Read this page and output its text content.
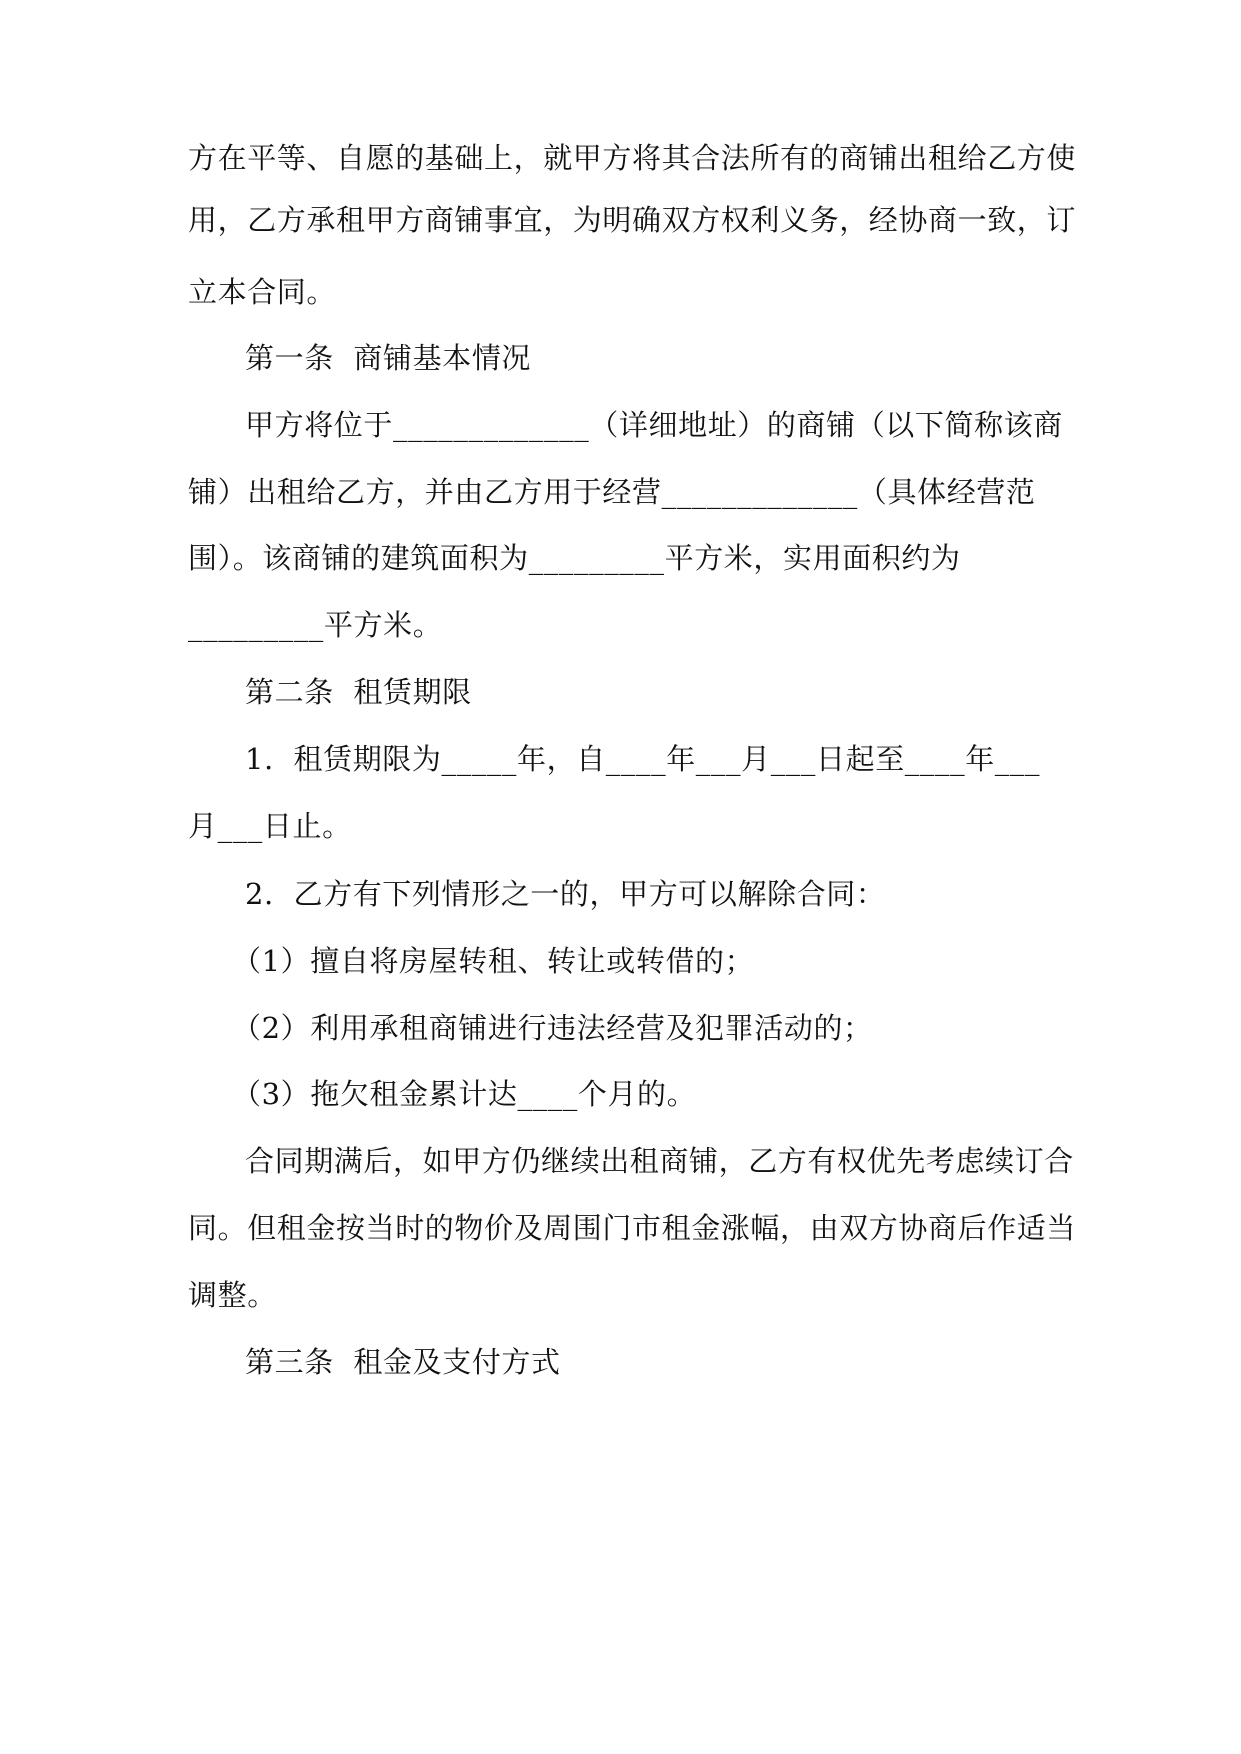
方在平等、自愿的基础上，就甲方将其合法所有的商铺出租给乙方使
用，乙方承租甲方商铺事宜，为明确双方权利义务，经协商一致，订
立本合同。
第一条  商铺基本情况
甲方将位于_____________（详细地址）的商铺（以下简称该商
铺）出租给乙方，并由乙方用于经营_____________（具体经营范
围）。该商铺的建筑面积为_________平方米，实用面积约为
_________平方米。
第二条  租赁期限
1.  租赁期限为_____年，自____年___月___日起至____年___
月___日止。
2.  乙方有下列情形之一的，甲方可以解除合同：
（1）擅自将房屋转租、转让或转借的；
（2）利用承租商铺进行违法经营及犯罪活动的；
（3）拖欠租金累计达____个月的。
合同期满后，如甲方仍继续出租商铺，乙方有权优先考虑续订合
同。但租金按当时的物价及周围门市租金涨幅，由双方协商后作适当
调整。
第三条  租金及支付方式
